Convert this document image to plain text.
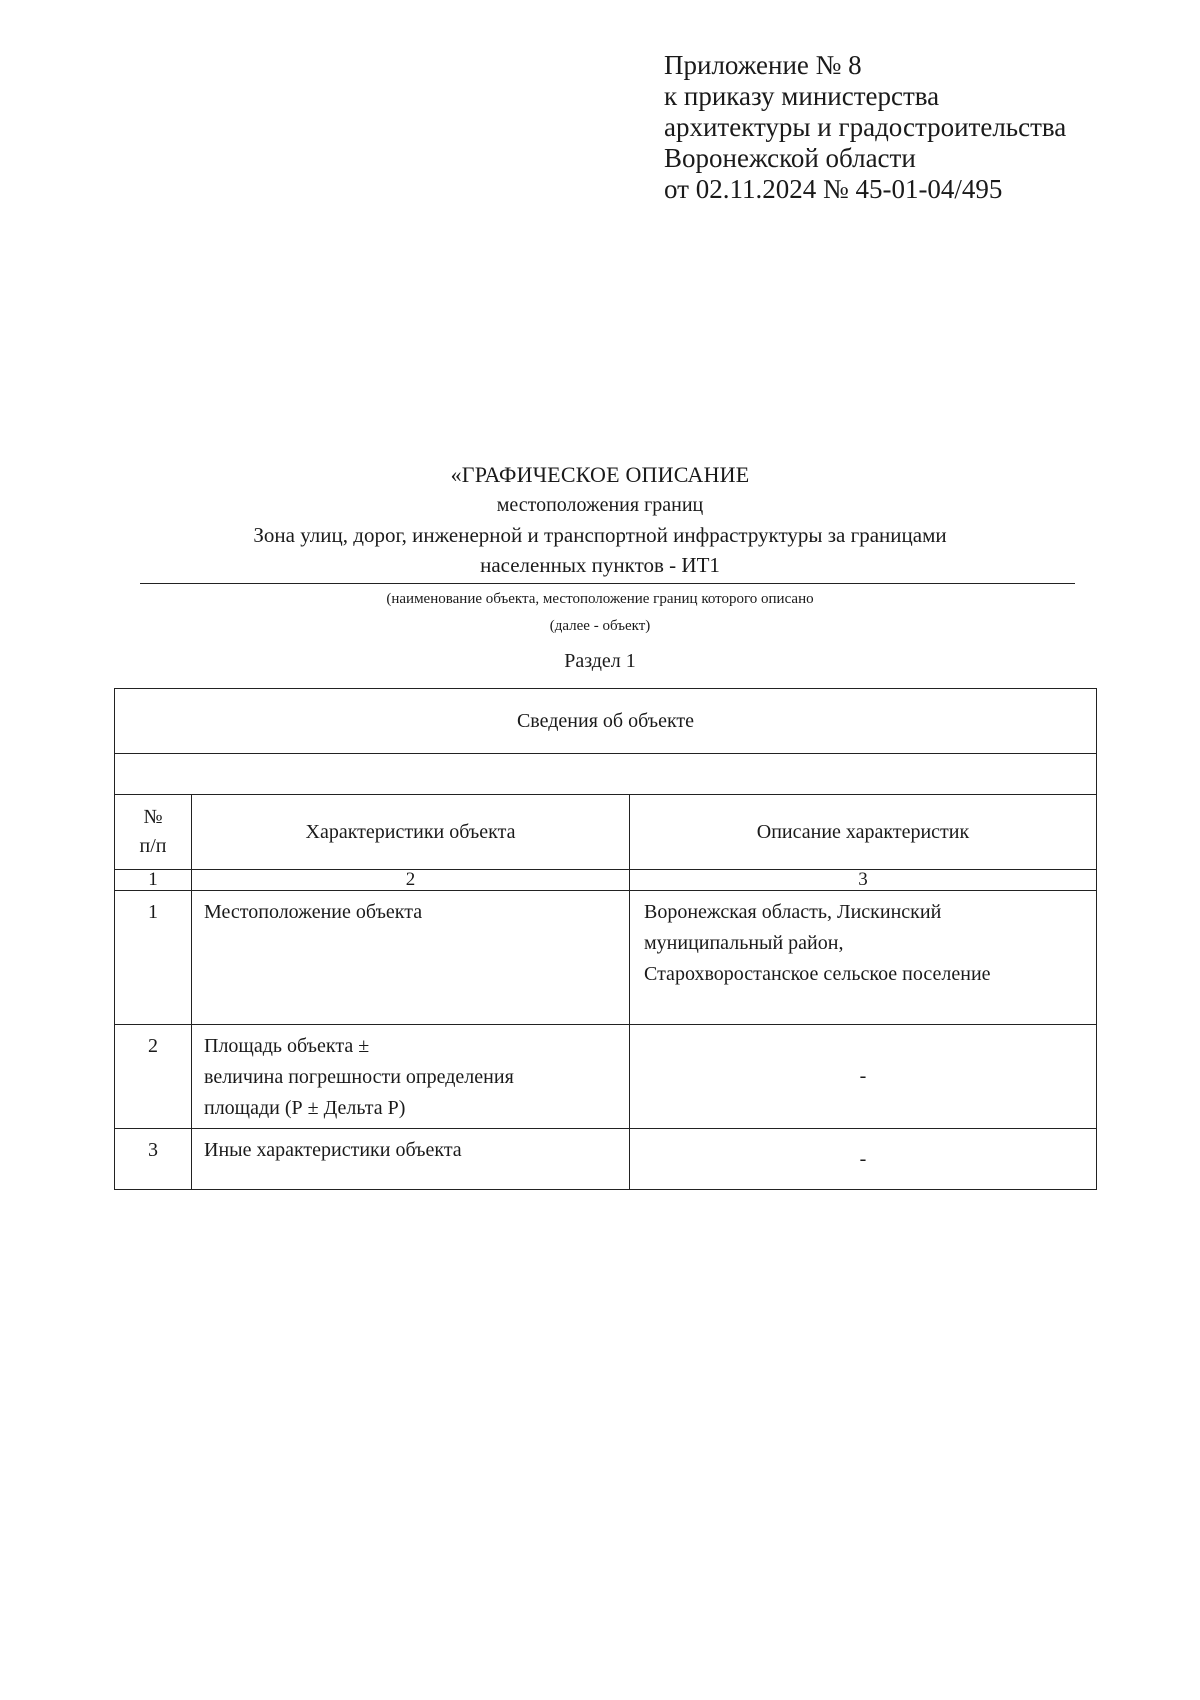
Приложение № 8
к приказу министерства
архитектуры и градостроительства
Воронежской области
от 02.11.2024 № 45-01-04/495
«ГРАФИЧЕСКОЕ ОПИСАНИЕ
местоположения границ
Зона улиц, дорог, инженерной и транспортной инфраструктуры за границами
населенных пунктов - ИТ1
(наименование объекта, местоположение границ которого описано
(далее - объект)
Раздел 1
Сведения об объекте		

№
п/п	Характеристики объекта	Описание характеристик
1	2	3
1	Местоположение объекта	Воронежская область, Лискинский
муниципальный район,
Старохворостанское сельское поселение

2	Площадь объекта ±
величина погрешности определения
площади (Р ± Дельта Р)	-
3	Иные характеристики объекта	-
